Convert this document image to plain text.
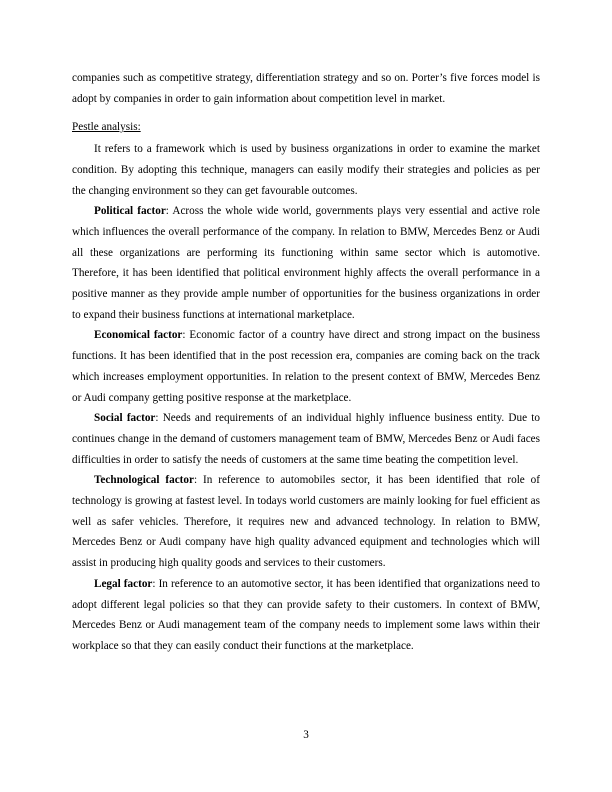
companies such as competitive strategy, differentiation strategy and so on. Porter’s five forces model is adopt by companies in order to gain information about competition level in market.

Pestle analysis:

It refers to a framework which is used by business organizations in order to examine the market condition. By adopting this technique, managers can easily modify their strategies and policies as per the changing environment so they can get favourable outcomes.

Political factor: Across the whole wide world, governments plays very essential and active role which influences the overall performance of the company. In relation to BMW, Mercedes Benz or Audi all these organizations are performing its functioning within same sector which is automotive. Therefore, it has been identified that political environment highly affects the overall performance in a positive manner as they provide ample number of opportunities for the business organizations in order to expand their business functions at international marketplace.

Economical factor: Economic factor of a country have direct and strong impact on the business functions. It has been identified that in the post recession era, companies are coming back on the track which increases employment opportunities. In relation to the present context of BMW, Mercedes Benz or Audi company getting positive response at the marketplace.

Social factor: Needs and requirements of an individual highly influence business entity. Due to continues change in the demand of customers management team of BMW, Mercedes Benz or Audi faces difficulties in order to satisfy the needs of customers at the same time beating the competition level.

Technological factor: In reference to automobiles sector, it has been identified that role of technology is growing at fastest level. In todays world customers are mainly looking for fuel efficient as well as safer vehicles. Therefore, it requires new and advanced technology. In relation to BMW, Mercedes Benz or Audi company have high quality advanced equipment and technologies which will assist in producing high quality goods and services to their customers.

Legal factor: In reference to an automotive sector, it has been identified that organizations need to adopt different legal policies so that they can provide safety to their customers. In context of BMW, Mercedes Benz or Audi management team of the company needs to implement some laws within their workplace so that they can easily conduct their functions at the marketplace.

3
